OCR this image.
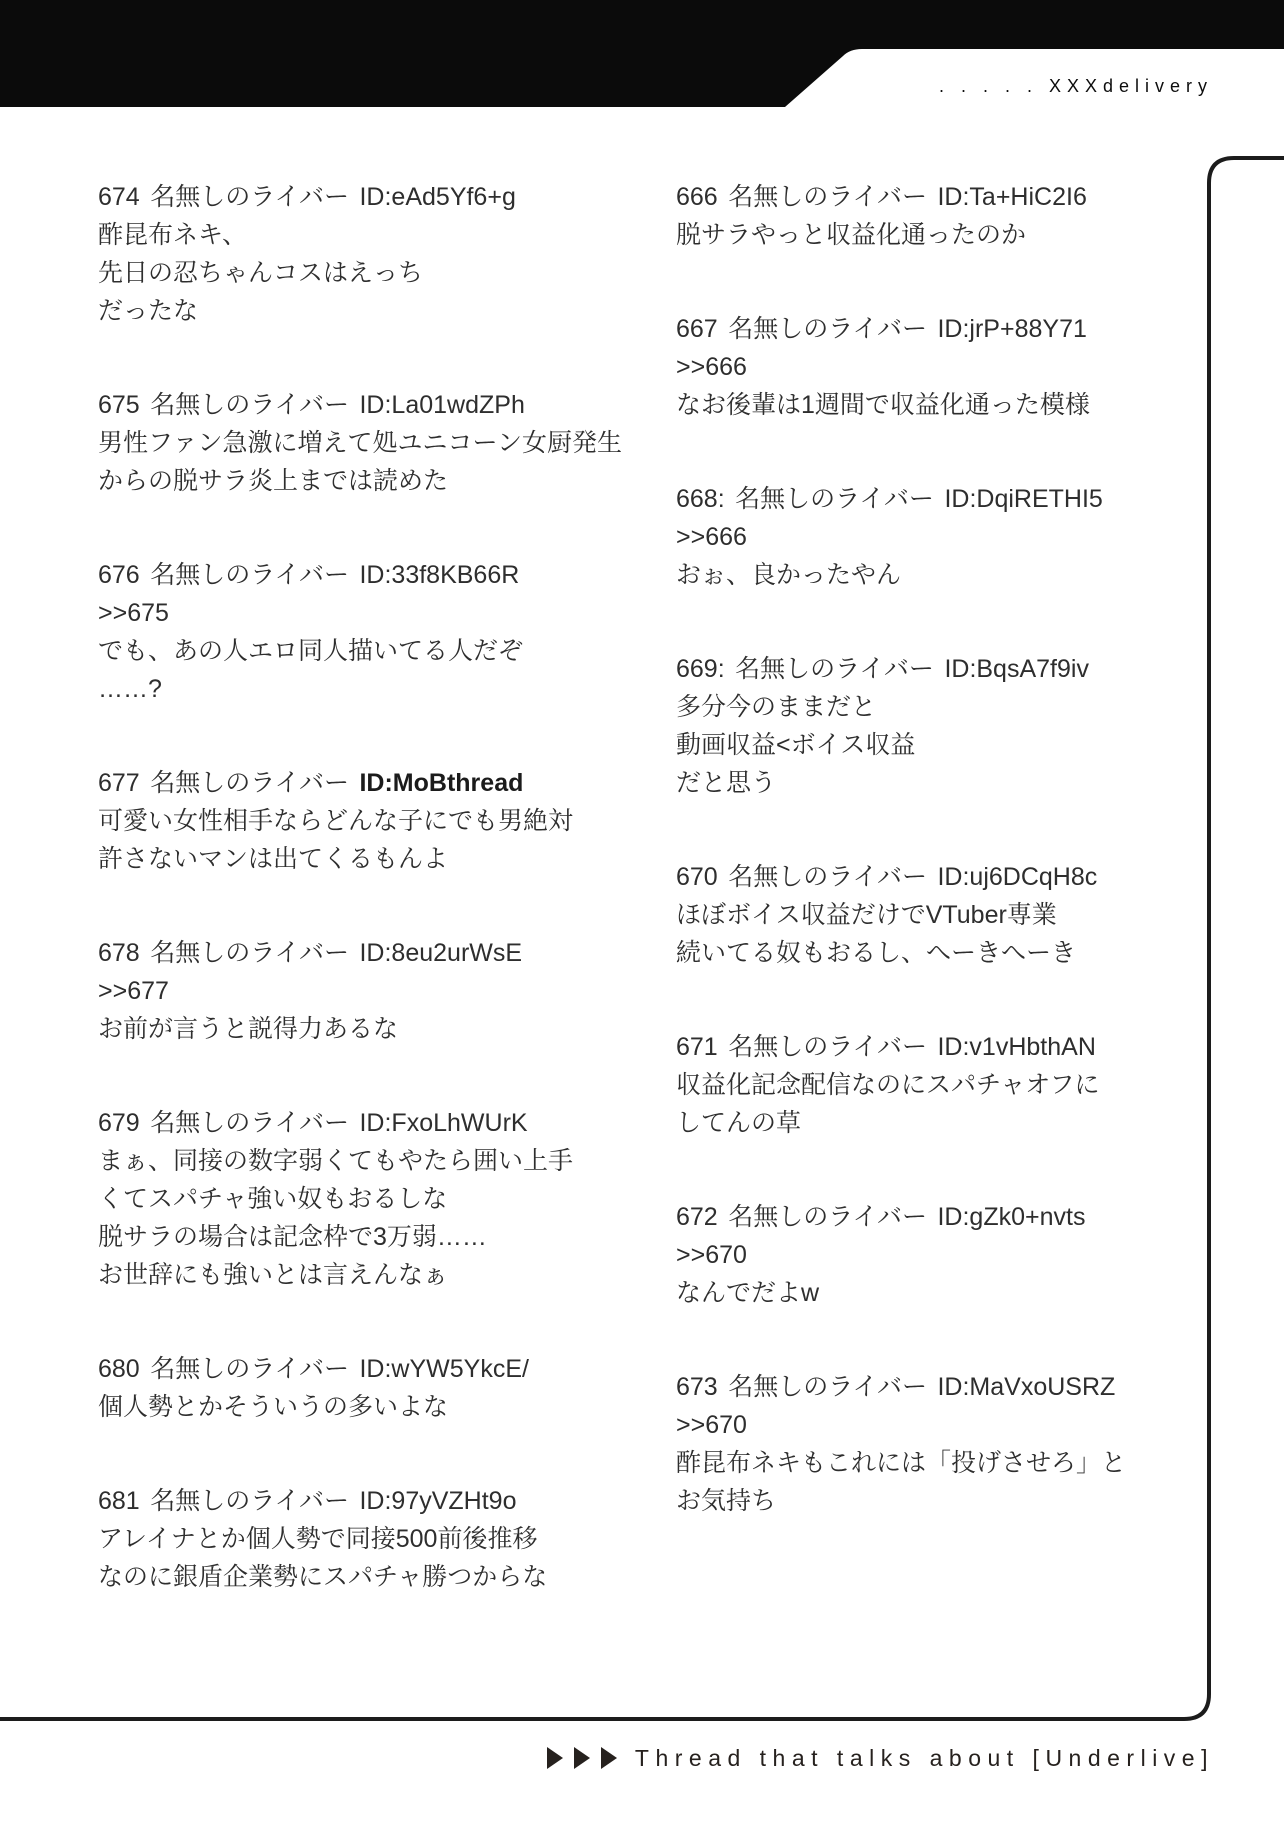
. . . . . XXXdelivery
674 名無しのライバー ID:eAd5Yf6+g
酢昆布ネキ、
先日の忍ちゃんコスはえっち
だったな
675 名無しのライバー ID:La01wdZPh
男性ファン急激に増えて処ユニコーン女厨発生
からの脱サラ炎上までは読めた
676 名無しのライバー ID:33f8KB66R
>>675
でも、あの人エロ同人描いてる人だぞ
……?
677 名無しのライバー ID:MoBthread
可愛い女性相手ならどんな子にでも男絶対
許さないマンは出てくるもんよ
678 名無しのライバー ID:8eu2urWsE
>>677
お前が言うと説得力あるな
679 名無しのライバー ID:FxoLhWUrK
まぁ、同接の数字弱くてもやたら囲い上手
くてスパチャ強い奴もおるしな
脱サラの場合は記念枠で3万弱……
お世辞にも強いとは言えんなぁ
680 名無しのライバー ID:wYW5YkcE/
個人勢とかそういうの多いよな
681 名無しのライバー ID:97yVZHt9o
アレイナとか個人勢で同接500前後推移
なのに銀盾企業勢にスパチャ勝つからな
666 名無しのライバー ID:Ta+HiC2I6
脱サラやっと収益化通ったのか
667 名無しのライバー ID:jrP+88Y71
>>666
なお後輩は1週間で収益化通った模様
668: 名無しのライバー ID:DqiRETHI5
>>666
おぉ、良かったやん
669: 名無しのライバー ID:BqsA7f9iv
多分今のままだと
動画収益<ボイス収益
だと思う
670 名無しのライバー ID:uj6DCqH8c
ほぼボイス収益だけでVTuber専業
続いてる奴もおるし、へーきへーき
671 名無しのライバー ID:v1vHbthAN
収益化記念配信なのにスパチャオフに
してんの草
672 名無しのライバー ID:gZk0+nvts
>>670
なんでだよw
673 名無しのライバー ID:MaVxoUSRZ
>>670
酢昆布ネキもこれには「投げさせろ」と
お気持ち
Thread that talks about [Underlive]
